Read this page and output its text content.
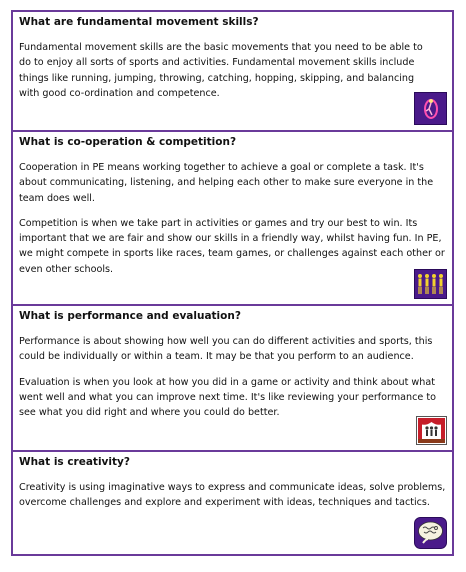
What are fundamental movement skills?

Fundamental movement skills are the basic movements that you need to be able to do to enjoy all sorts of sports and activities. Fundamental movement skills include things like running, jumping, throwing, catching, hopping, skipping, and balancing with good co-ordination and competence.

What is co-operation & competition?

Cooperation in PE means working together to achieve a goal or complete a task. It's about communicating, listening, and helping each other to make sure everyone in the team does well.

Competition is when we take part in activities or games and try our best to win. Its important that we are fair and show our skills in a friendly way, whilst having fun. In PE, we might compete in sports like races, team games, or challenges against each other or even other schools.

What is performance and evaluation?

Performance is about showing how well you can do different activities and sports, this could be individually or within a team. It may be that you perform to an audience.

Evaluation is when you look at how you did in a game or activity and think about what went well and what you can improve next time. It's like reviewing your performance to see what you did right and where you could do better.

What is creativity?

Creativity is using imaginative ways to express and communicate ideas, solve problems, overcome challenges and explore and experiment with ideas, techniques and tactics.
